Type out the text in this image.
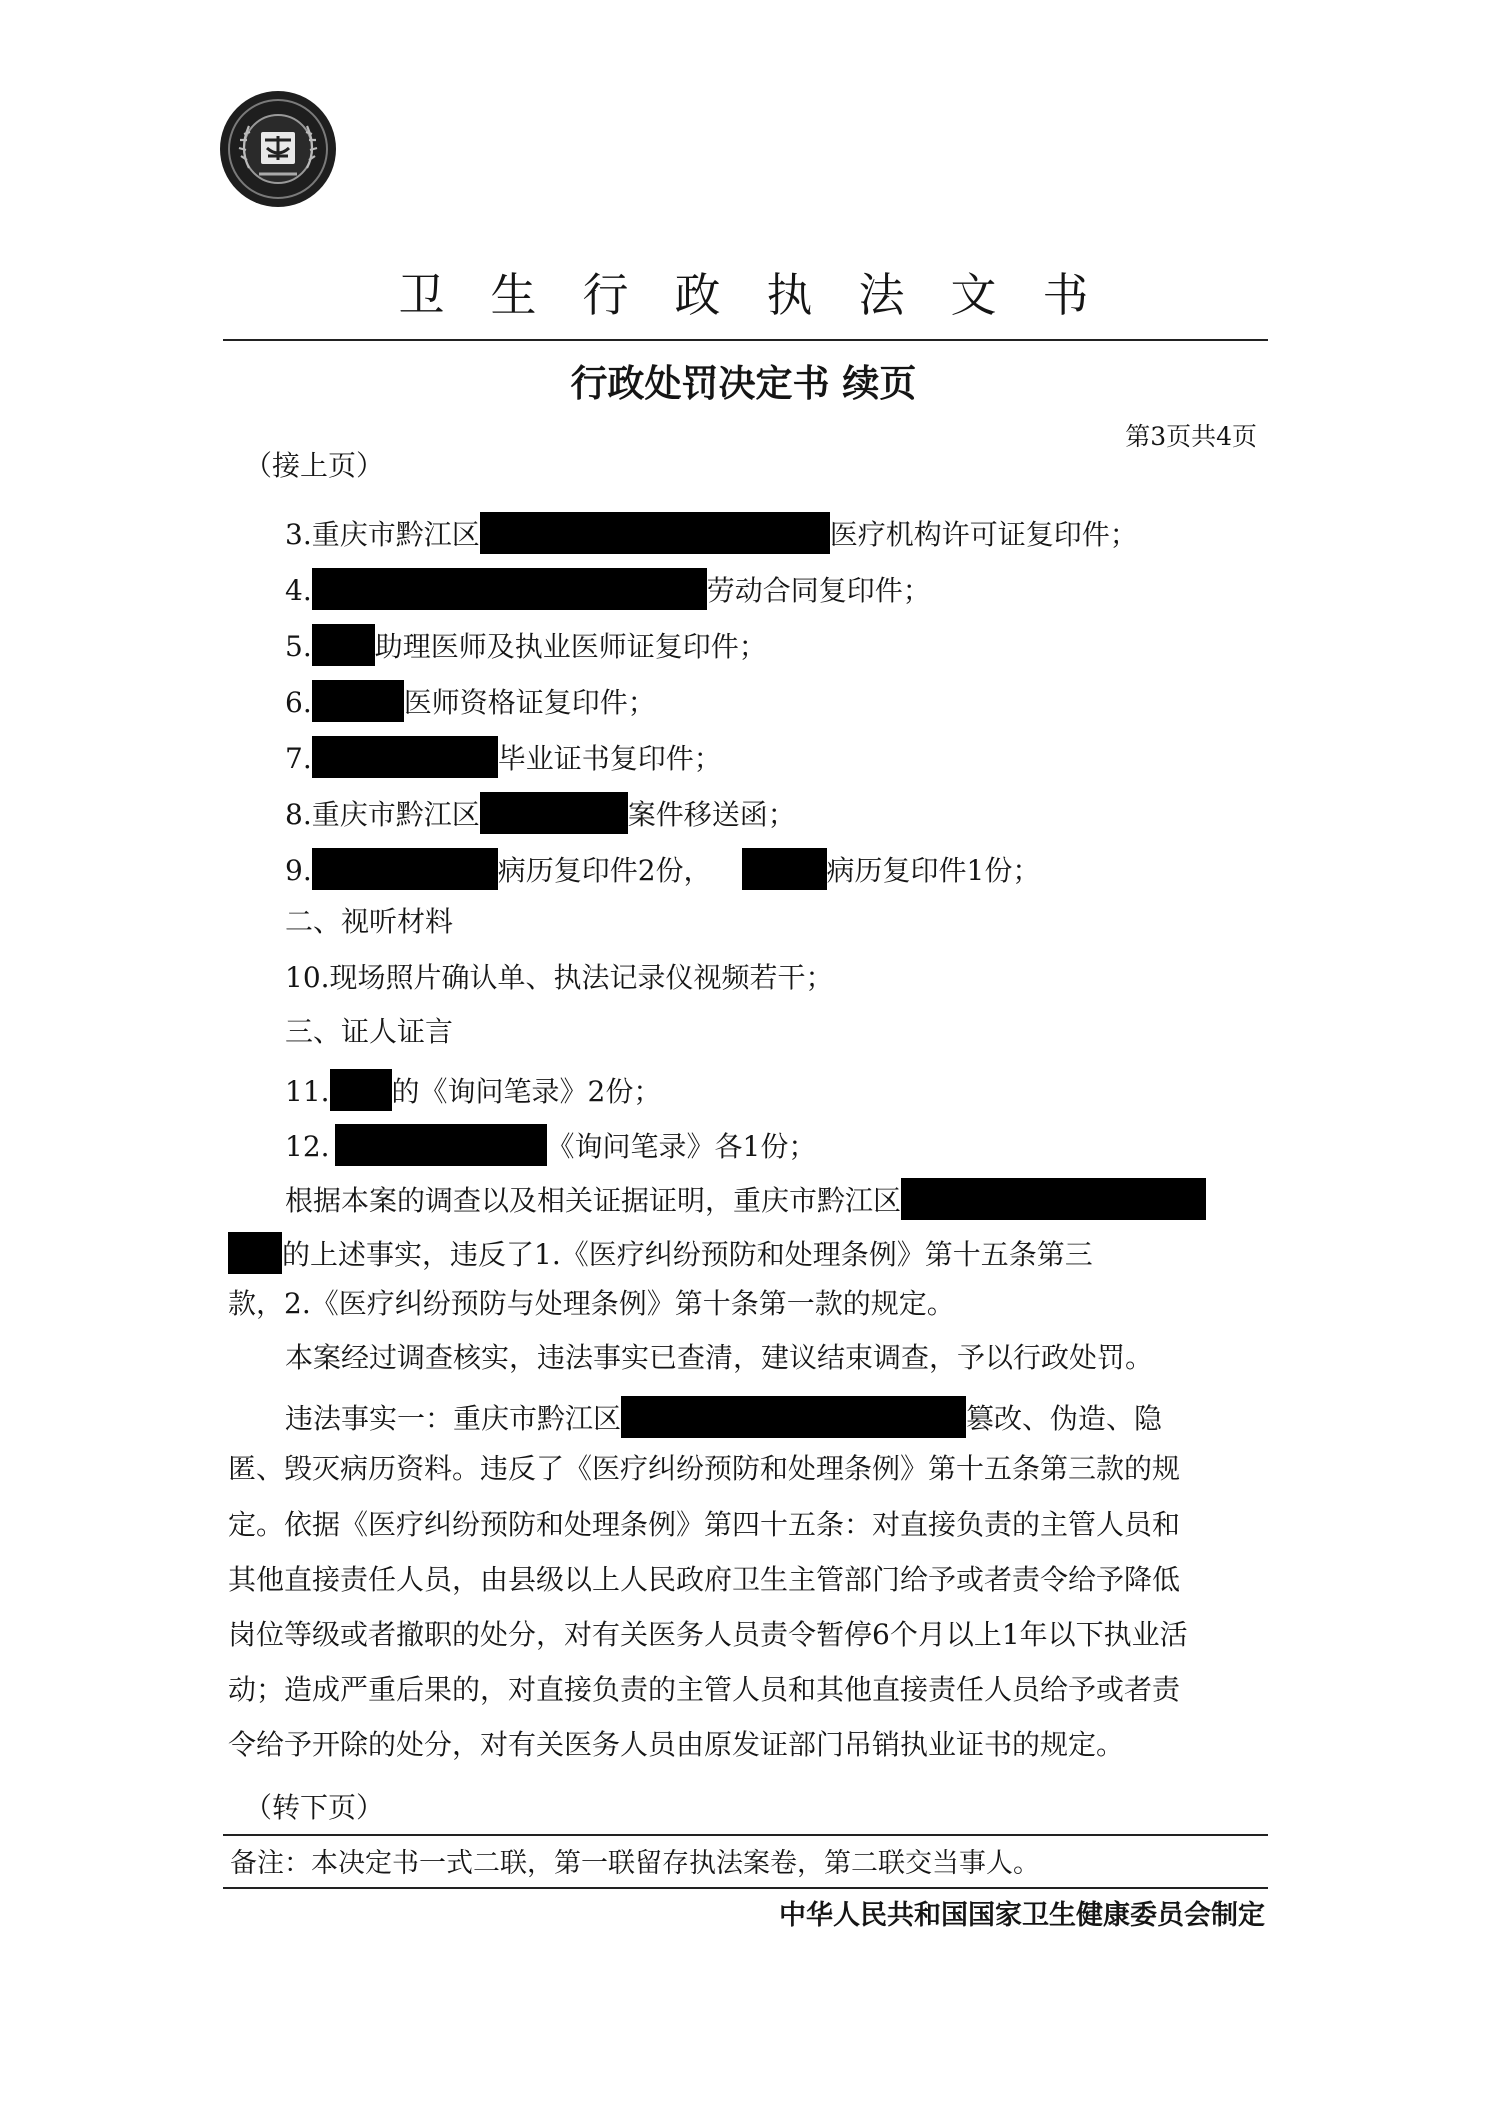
卫生行政执法文书
行政处罚决定书 续页
第3页共4页
（接上页）
3.重庆市黔江区	医疗机构许可证复印件；
4.	劳动合同复印件；
5. 助理医师及执业医师证复印件；
6.	医师资格证复印件；
7.	毕业证书复印件；
8.重庆市黔江区	案件移送函；
9.	病历复印件2份，	病历复印件1份；
二、视听材料
10.现场照片确认单、执法记录仪视频若干；
三、证人证言
11. 的《询问笔录》2份；
12.	《询问笔录》各1份；
根据本案的调查以及相关证据证明，重庆市黔江区
的上述事实，违反了1.《医疗纠纷预防和处理条例》第十五条第三
款，2.《医疗纠纷预防与处理条例》第十条第一款的规定。
本案经过调查核实，违法事实已查清，建议结束调查，予以行政处罚。
违法事实一：重庆市黔江区	篡改、伪造、隐
匿、毁灭病历资料。违反了《医疗纠纷预防和处理条例》第十五条第三款的规
定。依据《医疗纠纷预防和处理条例》第四十五条：对直接负责的主管人员和
其他直接责任人员，由县级以上人民政府卫生主管部门给予或者责令给予降低
岗位等级或者撤职的处分，对有关医务人员责令暂停6个月以上1年以下执业活
动；造成严重后果的，对直接负责的主管人员和其他直接责任人员给予或者责
令给予开除的处分，对有关医务人员由原发证部门吊销执业证书的规定。
（转下页）
备注：本决定书一式二联，第一联留存执法案卷，第二联交当事人。
中华人民共和国国家卫生健康委员会制定
